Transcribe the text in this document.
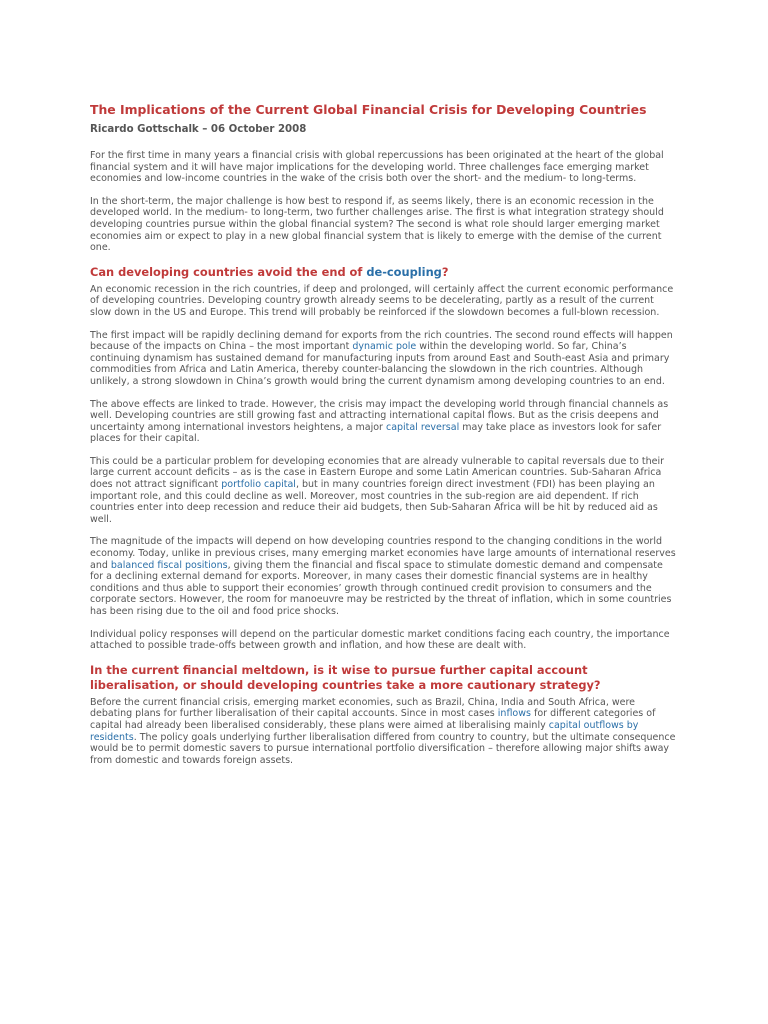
The Implications of the Current Global Financial Crisis for Developing Countries
Ricardo Gottschalk – 06 October 2008

For the first time in many years a financial crisis with global repercussions has been originated at the heart of the global financial system and it will have major implications for the developing world. Three challenges face emerging market economies and low-income countries in the wake of the crisis both over the short- and the medium- to long-terms.

In the short-term, the major challenge is how best to respond if, as seems likely, there is an economic recession in the developed world. In the medium- to long-term, two further challenges arise. The first is what integration strategy should developing countries pursue within the global financial system? The second is what role should larger emerging market economies aim or expect to play in a new global financial system that is likely to emerge with the demise of the current one.

Can developing countries avoid the end of de-coupling?

An economic recession in the rich countries, if deep and prolonged, will certainly affect the current economic performance of developing countries. Developing country growth already seems to be decelerating, partly as a result of the current slow down in the US and Europe. This trend will probably be reinforced if the slowdown becomes a full-blown recession.

The first impact will be rapidly declining demand for exports from the rich countries. The second round effects will happen because of the impacts on China – the most important dynamic pole within the developing world. So far, China’s continuing dynamism has sustained demand for manufacturing inputs from around East and South-east Asia and primary commodities from Africa and Latin America, thereby counter-balancing the slowdown in the rich countries. Although unlikely, a strong slowdown in China’s growth would bring the current dynamism among developing countries to an end.

The above effects are linked to trade. However, the crisis may impact the developing world through financial channels as well. Developing countries are still growing fast and attracting international capital flows. But as the crisis deepens and uncertainty among international investors heightens, a major capital reversal may take place as investors look for safer places for their capital.

This could be a particular problem for developing economies that are already vulnerable to capital reversals due to their large current account deficits – as is the case in Eastern Europe and some Latin American countries. Sub-Saharan Africa does not attract significant portfolio capital, but in many countries foreign direct investment (FDI) has been playing an important role, and this could decline as well. Moreover, most countries in the sub-region are aid dependent. If rich countries enter into deep recession and reduce their aid budgets, then Sub-Saharan Africa will be hit by reduced aid as well.

The magnitude of the impacts will depend on how developing countries respond to the changing conditions in the world economy. Today, unlike in previous crises, many emerging market economies have large amounts of international reserves and balanced fiscal positions, giving them the financial and fiscal space to stimulate domestic demand and compensate for a declining external demand for exports. Moreover, in many cases their domestic financial systems are in healthy conditions and thus able to support their economies’ growth through continued credit provision to consumers and the corporate sectors. However, the room for manoeuvre may be restricted by the threat of inflation, which in some countries has been rising due to the oil and food price shocks.

Individual policy responses will depend on the particular domestic market conditions facing each country, the importance attached to possible trade-offs between growth and inflation, and how these are dealt with.

In the current financial meltdown, is it wise to pursue further capital account liberalisation, or should developing countries take a more cautionary strategy?

Before the current financial crisis, emerging market economies, such as Brazil, China, India and South Africa, were debating plans for further liberalisation of their capital accounts. Since in most cases inflows for different categories of capital had already been liberalised considerably, these plans were aimed at liberalising mainly capital outflows by residents. The policy goals underlying further liberalisation differed from country to country, but the ultimate consequence would be to permit domestic savers to pursue international portfolio diversification – therefore allowing major shifts away from domestic and towards foreign assets.
